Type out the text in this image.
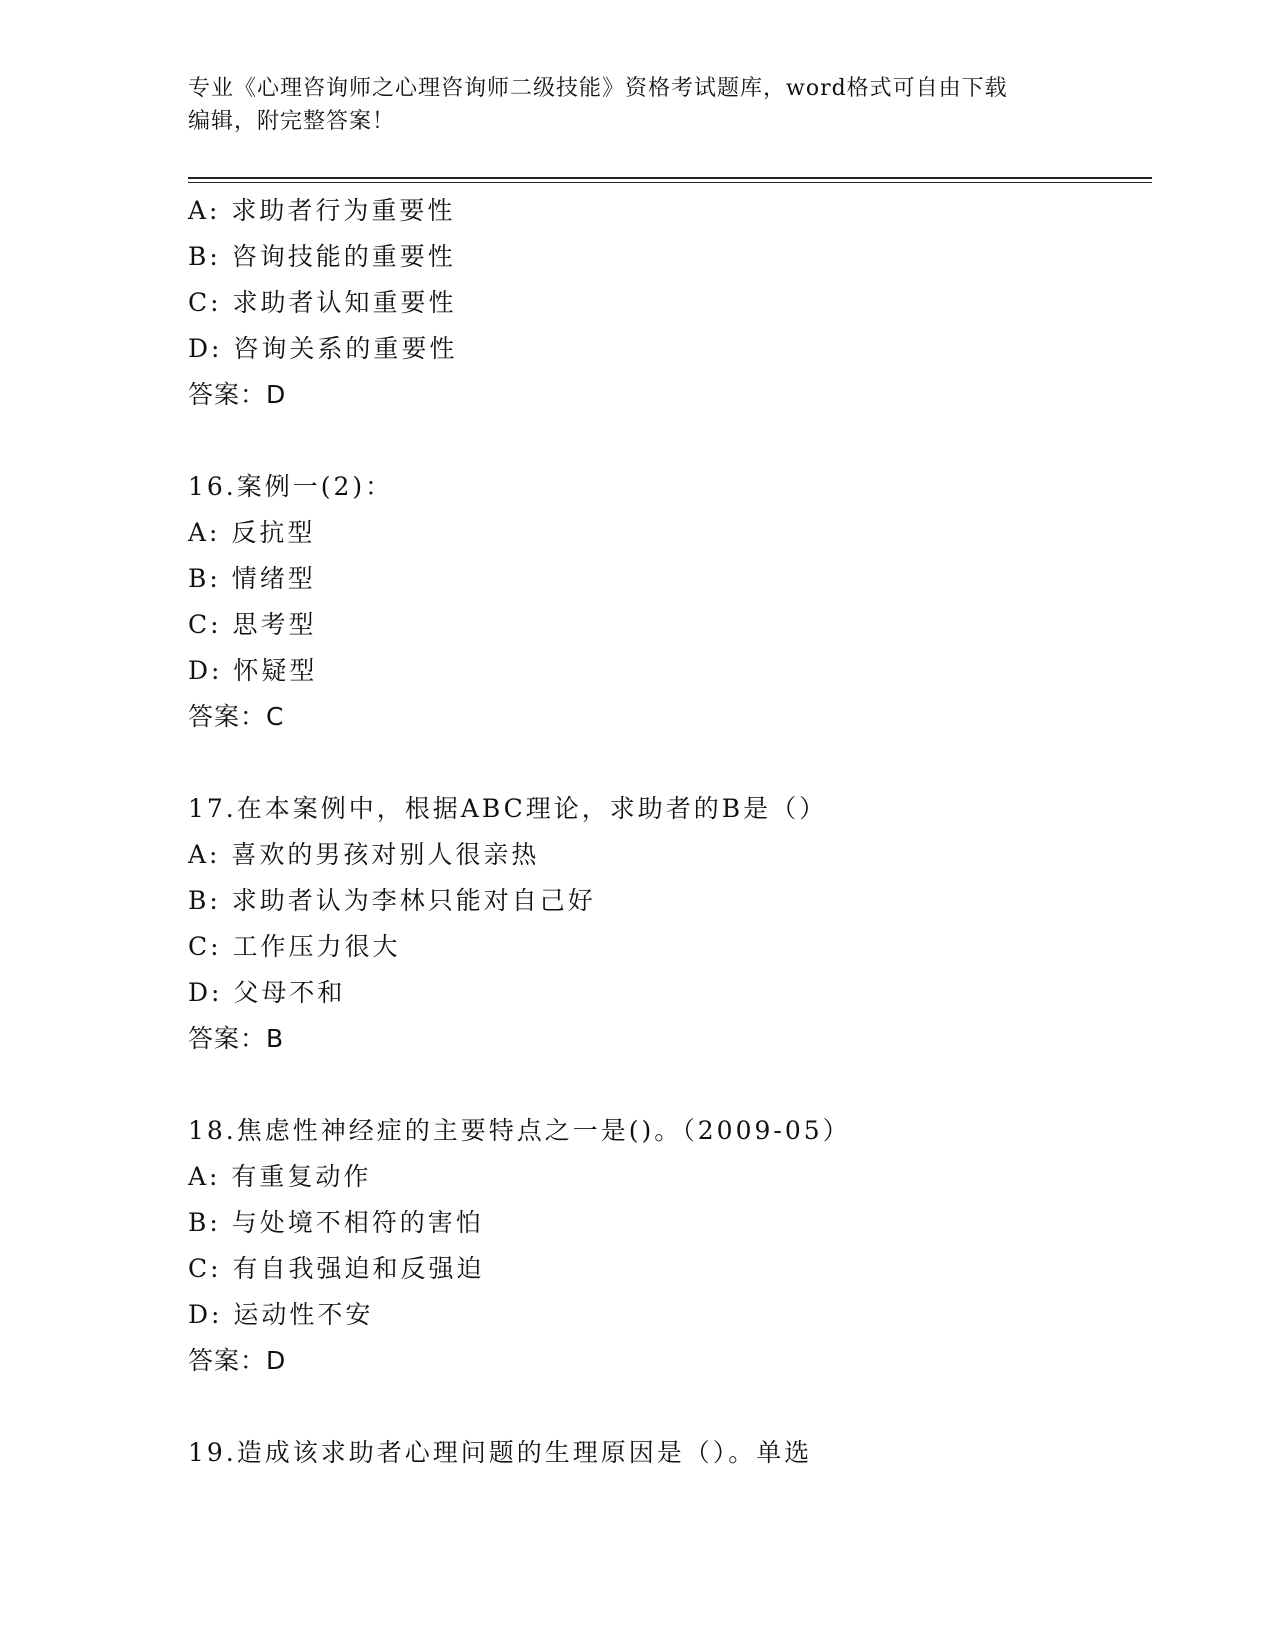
专业《心理咨询师之心理咨询师二级技能》资格考试题库，word格式可自由下载
编辑，附完整答案！
A: 求助者行为重要性
B: 咨询技能的重要性
C: 求助者认知重要性
D: 咨询关系的重要性
答案：D
16.案例一(2)：
A: 反抗型
B: 情绪型
C: 思考型
D: 怀疑型
答案：C
17.在本案例中，根据ABC理论，求助者的B是（）
A: 喜欢的男孩对别人很亲热
B: 求助者认为李林只能对自己好
C: 工作压力很大
D: 父母不和
答案：B
18.焦虑性神经症的主要特点之一是()。（2009-05）
A: 有重复动作
B: 与处境不相符的害怕
C: 有自我强迫和反强迫
D: 运动性不安
答案：D
19.造成该求助者心理问题的生理原因是（）。单选
